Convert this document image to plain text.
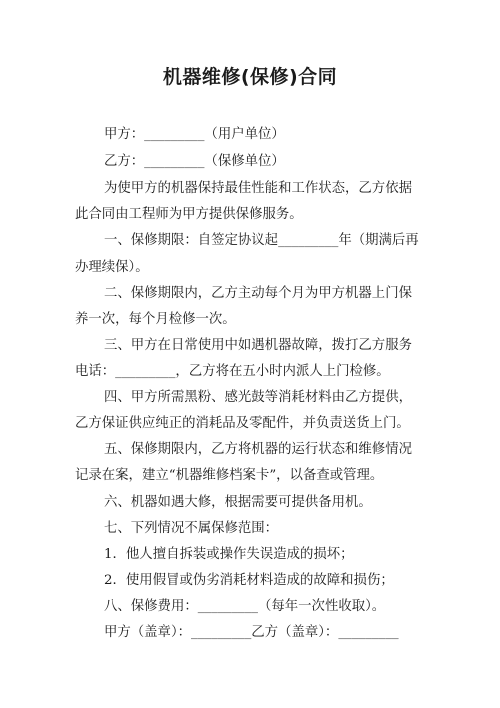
机器维修(保修)合同
甲方：_________（用户单位）
乙方：_________（保修单位）
为使甲方的机器保持最佳性能和工作状态，乙方依据
此合同由工程师为甲方提供保修服务。
一、保修期限：自签定协议起_________年（期满后再
办理续保）。
二、保修期限内，乙方主动每个月为甲方机器上门保
养一次，每个月检修一次。
三、甲方在日常使用中如遇机器故障，拨打乙方服务
电话：_________，乙方将在五小时内派人上门检修。
四、甲方所需黑粉、感光鼓等消耗材料由乙方提供，
乙方保证供应纯正的消耗品及零配件，并负责送货上门。
五、保修期限内，乙方将机器的运行状态和维修情况
记录在案，建立“机器维修档案卡”，以备查或管理。
六、机器如遇大修，根据需要可提供备用机。
七、下列情况不属保修范围：
1．他人擅自拆装或操作失误造成的损坏；
2．使用假冒或伪劣消耗材料造成的故障和损伤；
八、保修费用：_________（每年一次性收取）。
甲方（盖章）：_________乙方（盖章）：_________
